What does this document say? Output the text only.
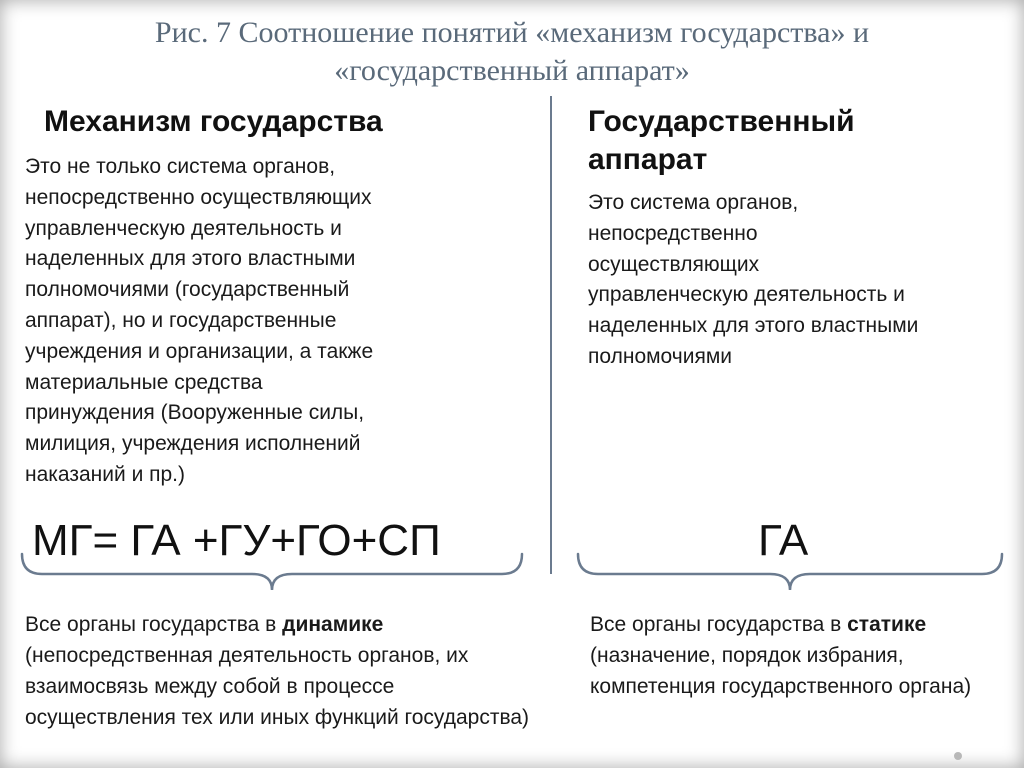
Рис. 7 Соотношение понятий «механизм государства» и
«государственный аппарат»
Механизм государства
Это не только система органов,
непосредственно осуществляющих
управленческую деятельность и
наделенных для этого властными
полномочиями (государственный
аппарат), но и государственные
учреждения и организации, а также
материальные средства
принуждения (Вооруженные силы,
милиция, учреждения исполнений
наказаний и пр.)
Государственный аппарат
Это система органов,
непосредственно
осуществляющих
управленческую деятельность и
наделенных для этого властными
полномочиями
МГ= ГА +ГУ+ГО+СП	ГА
Все органы государства в динамике (непосредственная деятельность органов, их взаимосвязь между собой в процессе осуществления тех или иных функций государства)
Все органы государства в статике (назначение, порядок избрания, компетенция государственного органа)
